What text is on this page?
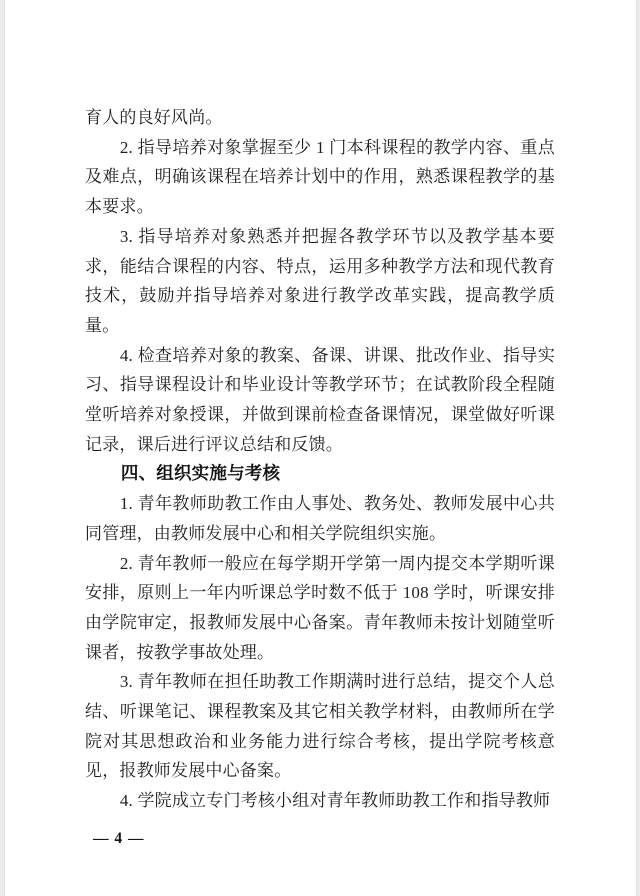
育人的良好风尚。

2. 指导培养对象掌握至少 1 门本科课程的教学内容、重点及难点，明确该课程在培养计划中的作用，熟悉课程教学的基本要求。

3. 指导培养对象熟悉并把握各教学环节以及教学基本要求，能结合课程的内容、特点，运用多种教学方法和现代教育技术，鼓励并指导培养对象进行教学改革实践，提高教学质量。

4. 检查培养对象的教案、备课、讲课、批改作业、指导实习、指导课程设计和毕业设计等教学环节；在试教阶段全程随堂听培养对象授课，并做到课前检查备课情况，课堂做好听课记录，课后进行评议总结和反馈。

四、组织实施与考核

1. 青年教师助教工作由人事处、教务处、教师发展中心共同管理，由教师发展中心和相关学院组织实施。

2. 青年教师一般应在每学期开学第一周内提交本学期听课安排，原则上一年内听课总学时数不低于 108 学时，听课安排由学院审定，报教师发展中心备案。青年教师未按计划随堂听课者，按教学事故处理。

3. 青年教师在担任助教工作期满时进行总结，提交个人总结、听课笔记、课程教案及其它相关教学材料，由教师所在学院对其思想政治和业务能力进行综合考核，提出学院考核意见，报教师发展中心备案。

4. 学院成立专门考核小组对青年教师助教工作和指导教师

— 4 —
